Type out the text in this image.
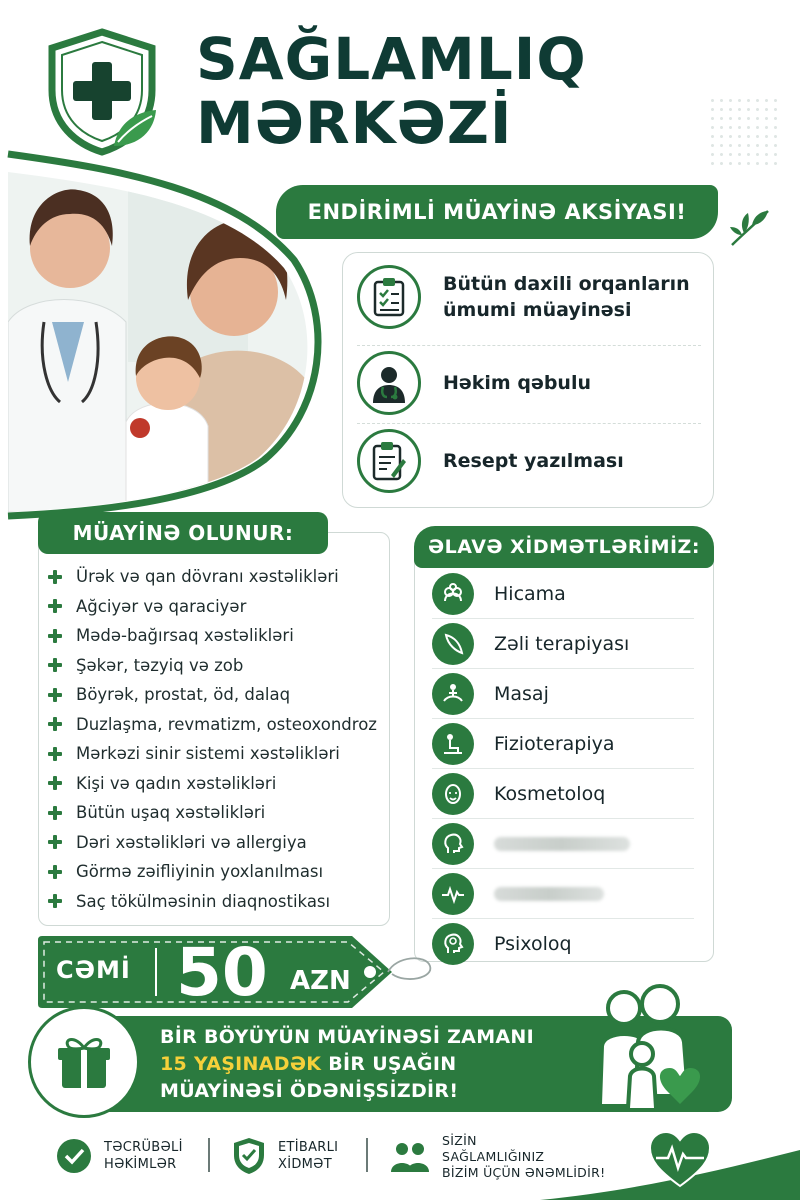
SAĞLAMLIQ
MƏRKƏZİ
ENDİRİMLİ MÜAYİNƏ AKSİYASI!
Bütün daxili orqanların ümumi müayinəsi
Həkim qəbulu
Resept yazılması
MÜAYİNƏ OLUNUR:
Ürək və qan dövranı xəstəlikləri
Ağciyər və qaraciyər
Mədə-bağırsaq xəstəlikləri
Şəkər, təzyiq və zob
Böyrək, prostat, öd, dalaq
Duzlaşma, revmatizm, osteoxondroz
Mərkəzi sinir sistemi xəstəlikləri
Kişi və qadın xəstəlikləri
Bütün uşaq xəstəlikləri
Dəri xəstəlikləri və allergiya
Görmə zəifliyinin yoxlanılması
Saç tökülməsinin diaqnostikası
ƏLAVƏ XİDMƏTLƏRİMİZ:
Hicama
Zəli terapiyası
Masaj
Fizioterapiya
Kosmetoloq
Psixoloq
CƏMİ 50 AZN
BİR BÖYÜYÜN MÜAYİNƏSİ ZAMANI
15 YAŞINADƏK BİR UŞAĞIN
MÜAYİNƏSİ ÖDƏNİŞSİZDİR!
TƏCRÜBƏLİ
HƏKİMLƏR
ETİBARLI
XİDMƏT
SİZİN
SAĞLAMLIĞINIZ
BİZİM ÜÇÜN ƏNƏMLİDİR!
